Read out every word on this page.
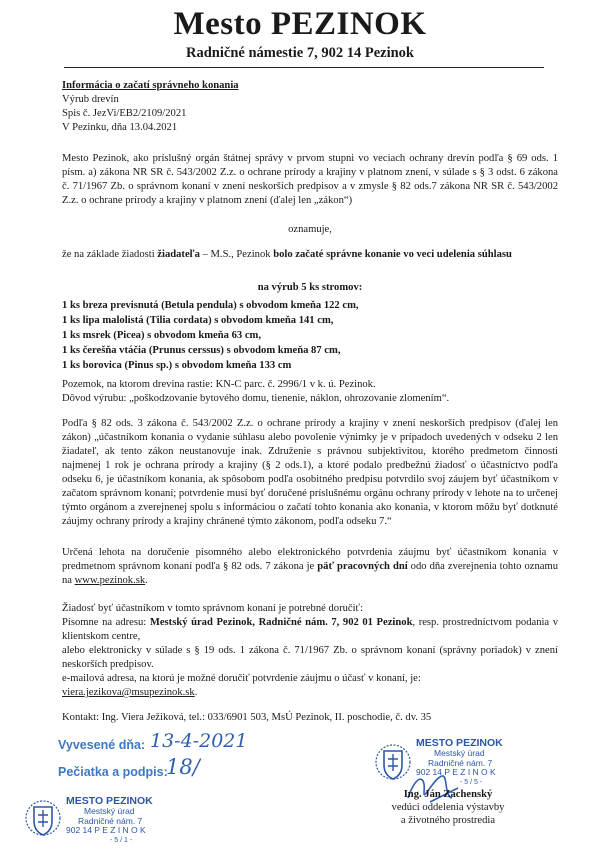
Mesto PEZINOK
Radničné námestie 7, 902 14 Pezinok

Informácia o začatí správneho konania

Výrub drevín

Spis č. JezVi/EB2/2109/2021

V Pezinku, dňa 13.04.2021

Mesto Pezinok, ako príslušný orgán štátnej správy v prvom stupni vo veciach ochrany drevín podľa § 69 ods. 1 písm. a) zákona NR SR č. 543/2002 Z.z. o ochrane prírody a krajiny v platnom znení, v súlade s § 3 odst. 6 zákona č. 71/1967 Zb. o správnom konaní v znení neskorších predpisov a v zmysle § 82 ods.7 zákona NR SR č. 543/2002 Z.z. o ochrane prírody a krajiny v platnom znení (ďalej len „zákon“)

oznamuje,

že na základe žiadosti žiadateľa – M.S., Pezinok bolo začaté správne konanie vo veci udelenia súhlasu

na výrub 5 ks stromov:

1 ks breza previsnutá (Betula pendula) s obvodom kmeňa 122 cm,
1 ks lipa malolistá (Tilia cordata) s obvodom kmeňa 141 cm,
1 ks msrek (Picea) s obvodom kmeňa 63 cm,
1 ks čerešňa vtáčia (Prunus cerssus) s obvodom kmeňa 87 cm,
1 ks borovica (Pinus sp.) s obvodom kmeňa 133 cm

Pozemok, na ktorom drevina rastie: KN-C parc. č. 2996/1 v k. ú. Pezinok.

Dôvod výrubu: „poškodzovanie bytového domu, tienenie, náklon, ohrozovanie zlomením“.

Podľa § 82 ods. 3 zákona č. 543/2002 Z.z. o ochrane prírody a krajiny v znení neskorších predpisov (ďalej len zákon) „účastníkom konania o vydanie súhlasu alebo povolenie výnimky je v prípadoch uvedených v odseku 2 len žiadateľ, ak tento zákon neustanovuje inak. Združenie s právnou subjektivitou, ktorého predmetom činnosti najmenej 1 rok je ochrana prírody a krajiny (§ 2 ods.1), a ktoré podalo predbežnú žiadosť o účastníctvo podľa odseku 6, je účastníkom konania, ak spôsobom podľa osobitného predpisu potvrdilo svoj záujem byť účastníkom v začatom správnom konaní; potvrdenie musí byť doručené príslušnému orgánu ochrany prírody v lehote na to určenej týmto orgánom a zverejnenej spolu s informáciou o začatí tohto konania ako konania, v ktorom môžu byť dotknuté záujmy ochrany prírody a krajiny chránené týmto zákonom, podľa odseku 7.“

Určená lehota na doručenie písomného alebo elektronického potvrdenia záujmu byť účastníkom konania v predmetnom správnom konaní podľa § 82 ods. 7 zákona je päť pracovných dní odo dňa zverejnenia tohto oznamu na www.pezinok.sk.

Žiadosť byť účastníkom v tomto správnom konaní je potrebné doručiť:

Písomne na adresu: Mestský úrad Pezinok, Radničné nám. 7, 902 01 Pezinok, resp. prostredníctvom podania v klientskom centre,

alebo elektronicky v súlade s § 19 ods. 1 zákona č. 71/1967 Zb. o správnom konaní (správny poriadok) v znení neskorších predpisov.

e-mailová adresa, na ktorú je možné doručiť potvrdenie záujmu o účasť v konaní, je:

viera.jezikova@msupezinok.sk.

Kontakt: Ing. Viera Ježiková, tel.: 033/6901 503, MsÚ Pezinok, II. poschodie, č. dv. 35

Vyvesené dňa: 13-4-2021
Pečiatka a podpis:
18/
MESTO PEZINOK
Mestský úrad
Radničné nám. 7
902 14 P E Z I N O K
- 5 / 1 -
MESTO PEZINOK
Mestský úrad
Radničné nám. 7
902 14 P E Z I N O K
- 5 / 5 -
Ing. Ján Zachenský
vedúci oddelenia výstavby
a životného prostredia
